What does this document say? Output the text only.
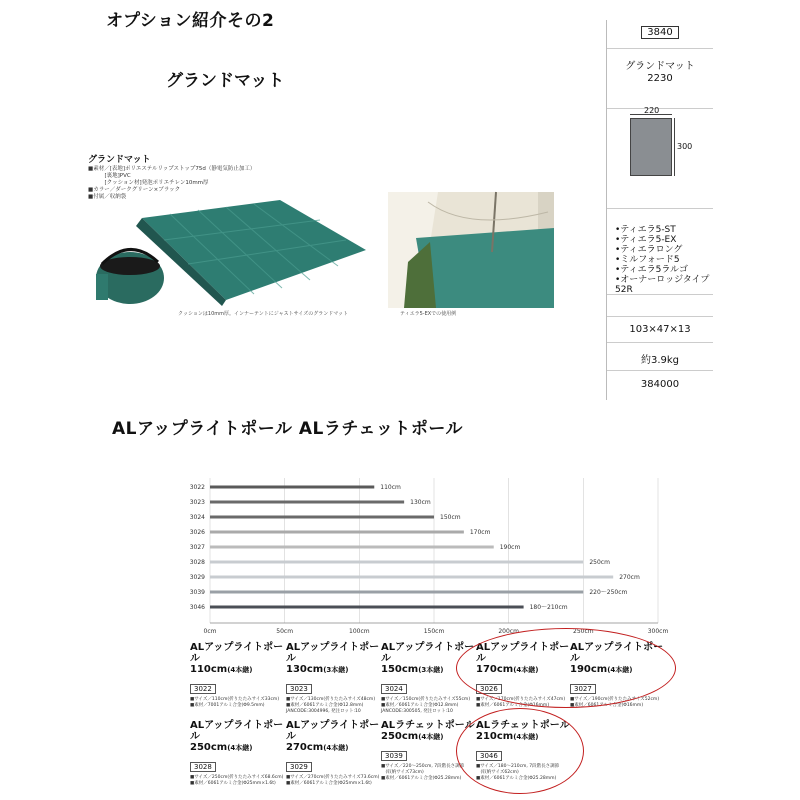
オプション紹介その2
グランドマット
ALアップライトポール ALラチェットポール
グランドマット
■素材／[表地]ポリエステルリップストップ75d（静電気防止加工）
　　　[裏地]PVC
　　　[クッション材]発泡ポリエチレン10mm厚
■カラー／ダークグリーン×ブラック
■付属／収納袋
クッションは10mm厚。インナーテントにジャストサイズのグランドマット	ティエラ5-EXでの使用例
3840
グランドマット
2230
•ティエラ5-ST
•ティエラ5-EX
•ティエラロング
•ミルフォード5
•ティエラ5ラルゴ
•オーナーロッジタイプ52R
103×47×13
約3.9kg
384000
220
300
0cm	50cm	100cm	150cm	200cm	250cm	300cm
3022	110cm
3023	130cm
3024	150cm
3026	170cm
3027	190cm
3028	250cm
3029	270cm
3039	220〜250cm
3046	180〜210cm
ALアップライトポール
110cm(4本継)
3022
■サイズ／110cm(折りたたみサイズ33cm)
■素材／7001アルミ合金(Φ9.5mm)
ALアップライトポール
130cm(3本継)
3023
■サイズ／130cm(折りたたみサイズ48cm)
■素材／6061アルミ合金(Φ12.8mm)
JANCODE:3004996, 発注ロット:10
ALアップライトポール
150cm(3本継)
3024
■サイズ／150cm(折りたたみサイズ55cm)
■素材／6061アルミ合金(Φ12.8mm)
JANCODE:300505, 発注ロット:10
ALアップライトポール
170cm(4本継)
3026
■サイズ／170cm(折りたたみサイズ47cm)
■素材／6061アルミ合金(Φ16mm)
ALアップライトポール
190cm(4本継)
3027
■サイズ／190cm(折りたたみサイズ52cm)
■素材／6061アルミ合金(Φ16mm)
ALアップライトポール
250cm(4本継)
3028
■サイズ／250cm(折りたたみサイズ68.6cm)
■素材／6061アルミ合金(Φ25mm×1.6t)
ALアップライトポール
270cm(4本継)
3029
■サイズ／270cm(折りたたみサイズ73.6cm)
■素材／6061アルミ合金(Φ25mm×1.6t)
ALラチェットポール
250cm(4本継)
3039
■サイズ／220〜250cm, 7段階長さ調節
　(収納サイズ73cm)
■素材／6061アルミ合金(Φ25.28mm)
ALラチェットポール
210cm(4本継)
3046
■サイズ／180〜210cm, 7段階長さ調節
　(収納サイズ62cm)
■素材／6061アルミ合金(Φ25.28mm)
